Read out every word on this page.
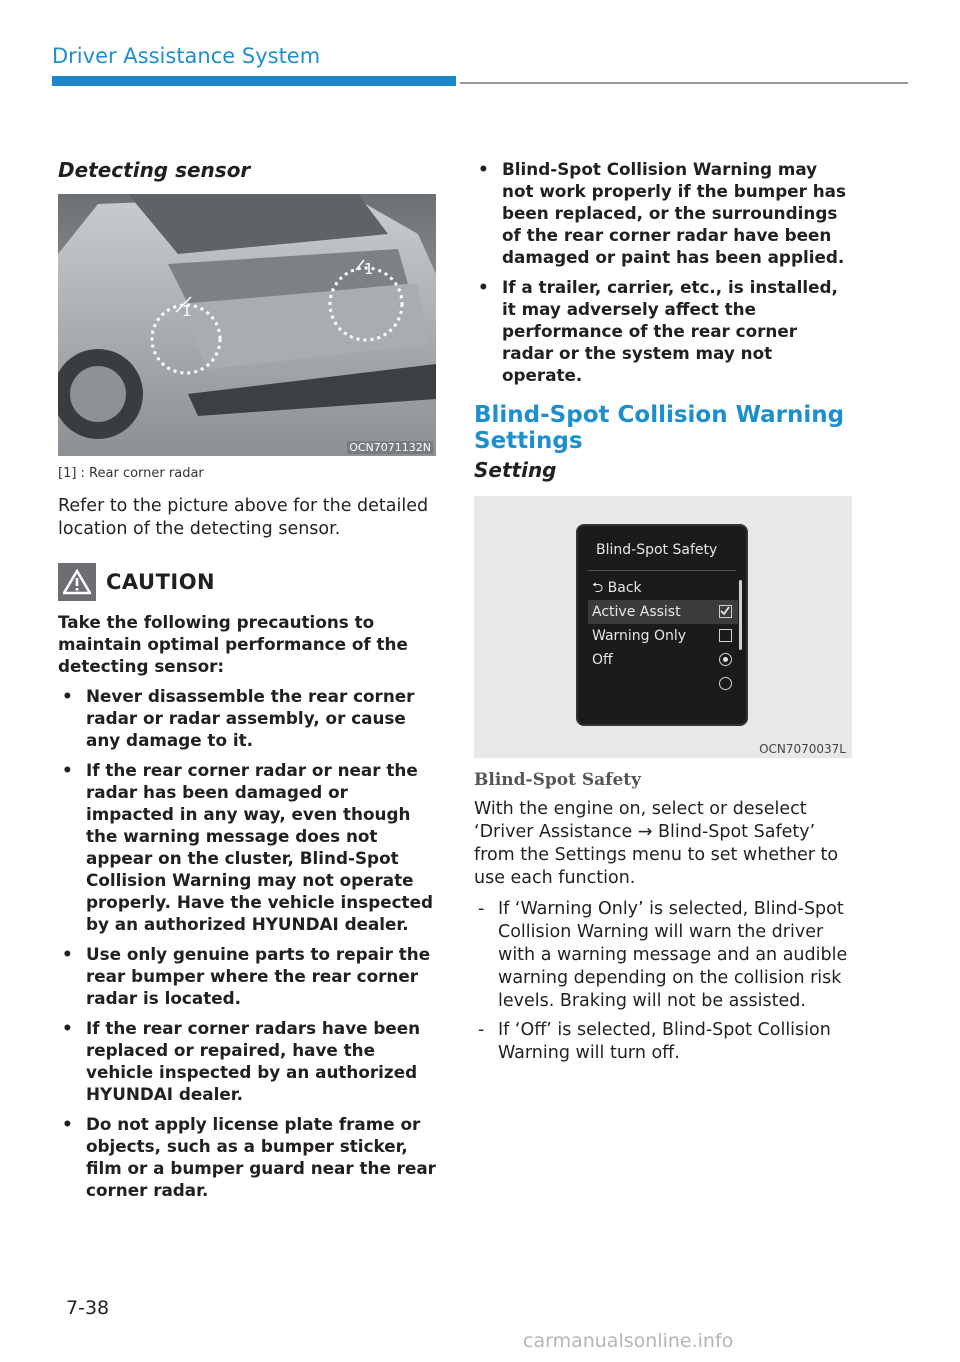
Driver Assistance System
Detecting sensor
1
1
OCN7071132N
[1] : Rear corner radar
Refer to the picture above for the detailed location of the detecting sensor.
CAUTION
Take the following precautions to maintain optimal performance of the detecting sensor:
• Never disassemble the rear corner radar or radar assembly, or cause any damage to it.
• If the rear corner radar or near the radar has been damaged or impacted in any way, even though the warning message does not appear on the cluster, Blind-Spot Collision Warning may not operate properly. Have the vehicle inspected by an authorized HYUNDAI dealer.
• Use only genuine parts to repair the rear bumper where the rear corner radar is located.
• If the rear corner radars have been replaced or repaired, have the vehicle inspected by an authorized HYUNDAI dealer.
• Do not apply license plate frame or objects, such as a bumper sticker, film or a bumper guard near the rear corner radar.
• Blind-Spot Collision Warning may not work properly if the bumper has been replaced, or the surroundings of the rear corner radar have been damaged or paint has been applied.
• If a trailer, carrier, etc., is installed, it may adversely affect the performance of the rear corner radar or the system may not operate.
Blind-Spot Collision Warning Settings
Setting
Blind-Spot Safety
⮌ Back
Active Assist
Warning Only
Off
OCN7070037L
Blind-Spot Safety
With the engine on, select or deselect ‘Driver Assistance → Blind-Spot Safety’ from the Settings menu to set whether to use each function.
- If ‘Warning Only’ is selected, Blind-Spot Collision Warning will warn the driver with a warning message and an audible warning depending on the collision risk levels. Braking will not be assisted.
- If ‘Off’ is selected, Blind-Spot Collision Warning will turn off.
7-38
carmanualsonline.info
